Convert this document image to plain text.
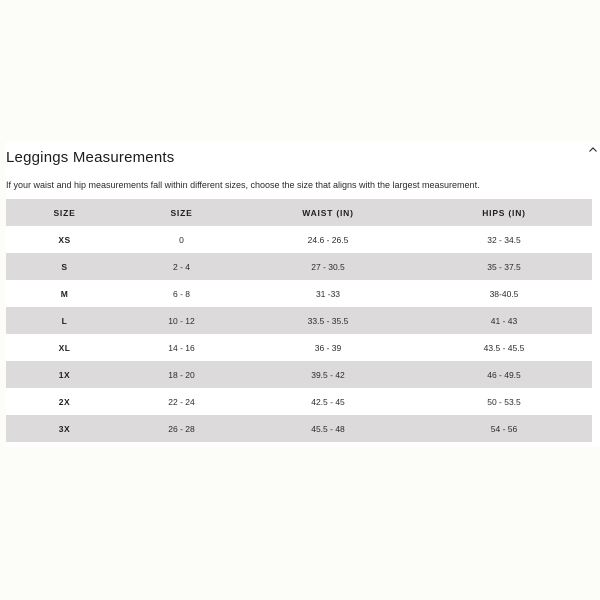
Leggings Measurements
If your waist and hip measurements fall within different sizes, choose the size that aligns with the largest measurement.
SIZE	SIZE	WAIST (IN)	HIPS (IN)
XS	0	24.6 - 26.5	32 - 34.5
S	2 - 4	27 - 30.5	35 - 37.5
M	6 - 8	31 -33	38-40.5
L	10 - 12	33.5 - 35.5	41 - 43
XL	14 - 16	36 - 39	43.5 - 45.5
1X	18 - 20	39.5 - 42	46 - 49.5
2X	22 - 24	42.5 - 45	50 - 53.5
3X	26 - 28	45.5 - 48	54 - 56
